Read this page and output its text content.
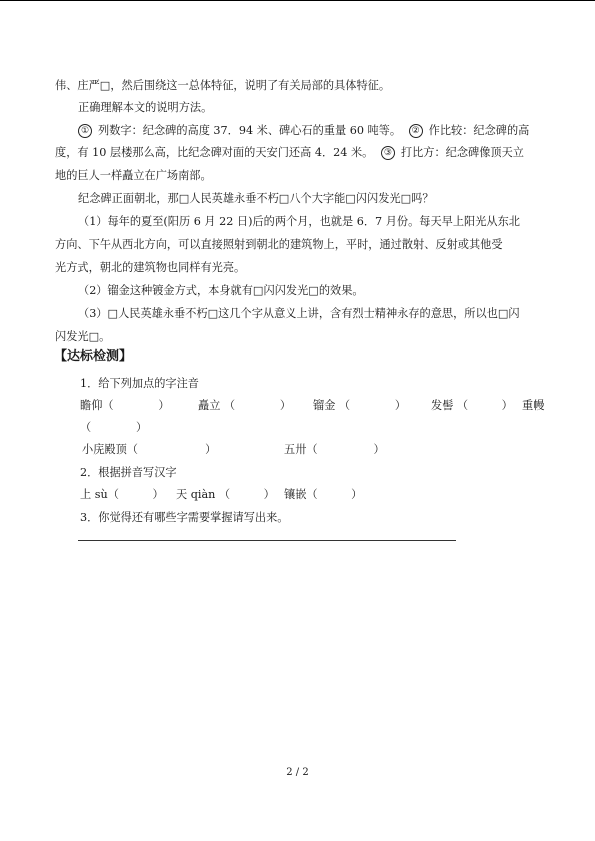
伟、庄严□，然后围绕这一总体特征，说明了有关局部的具体特征。
正确理解本文的说明方法。
① 列数字：纪念碑的高度 37．94 米、碑心石的重量 60 吨等。 ② 作比较：纪念碑的高
度，有 10 层楼那么高，比纪念碑对面的天安门还高 4．24 米。 ③ 打比方：纪念碑像顶天立
地的巨人一样矗立在广场南部。
纪念碑正面朝北，那□人民英雄永垂不朽□八个大字能□闪闪发光□吗？
（1）每年的夏至(阳历 6 月 22 日)后的两个月，也就是 6．7 月份。每天早上阳光从东北
方向、下午从西北方向，可以直接照射到朝北的建筑物上，平时，通过散射、反射或其他受
光方式，朝北的建筑物也同样有光亮。
（2）镏金这种镀金方式，本身就有□闪闪发光□的效果。
（3）□人民英雄永垂不朽□这几个字从意义上讲，含有烈士精神永存的意思，所以也□闪
闪发光□。
【达标检测】
1．给下列加点的字注音
瞻仰（　　　　）	矗立 （　　　　） 镏金 （　　　　） 发髻 （　　　） 重幔
（　　　　）
小庑殿顶（　　　　　　）	五卅（　　　　　）
2．根据拼音写汉字
上 sù（　　　） 天 qiàn （　　　） 镶嵌（　　　）
3．你觉得还有哪些字需要掌握请写出来。
2 / 2
